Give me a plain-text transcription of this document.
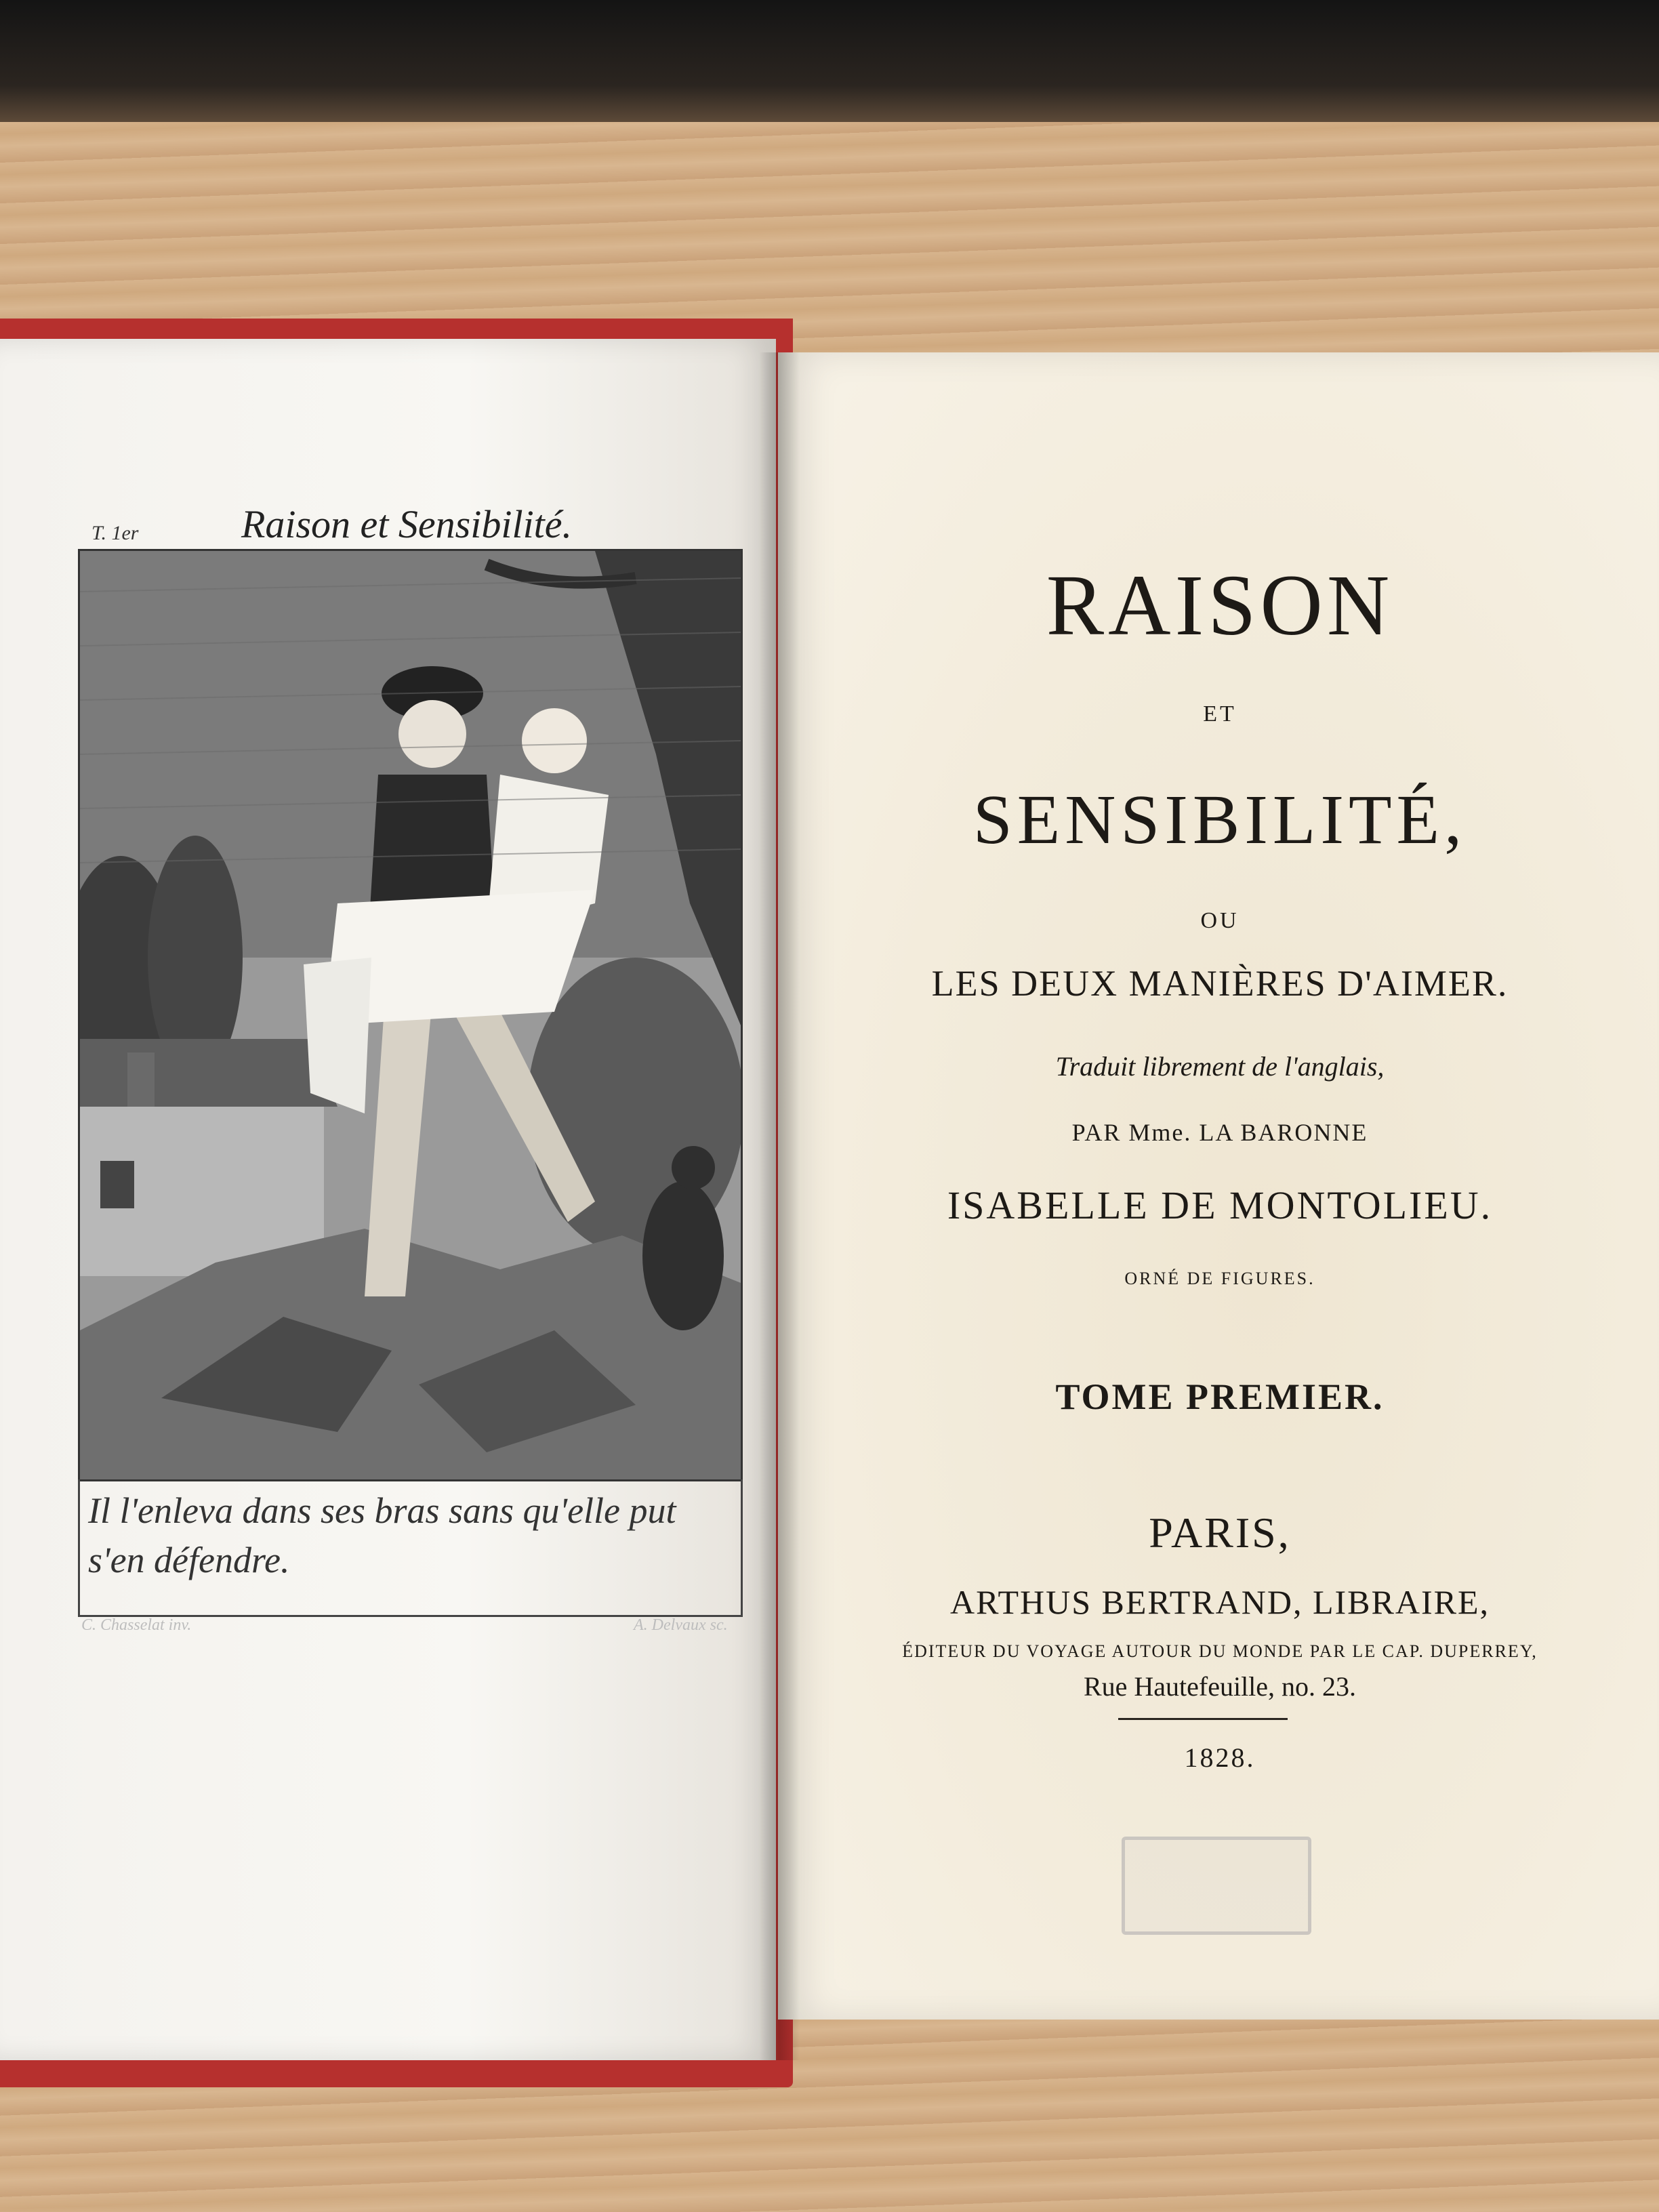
T. 1er	Raison et Sensibilité.
Il l'enleva dans ses bras sans qu'elle put s'en défendre.
C. Chasselat inv.	A. Delvaux sc.
RAISON
ET
SENSIBILITÉ,
OU
LES DEUX MANIÈRES D'AIMER.
Traduit librement de l'anglais,
PAR Mme. LA BARONNE
ISABELLE DE MONTOLIEU.
ORNÉ DE FIGURES.
TOME PREMIER.
PARIS,
ARTHUS BERTRAND, LIBRAIRE,
ÉDITEUR DU VOYAGE AUTOUR DU MONDE PAR LE CAP. DUPERREY,
Rue Hautefeuille, no. 23.
1828.
